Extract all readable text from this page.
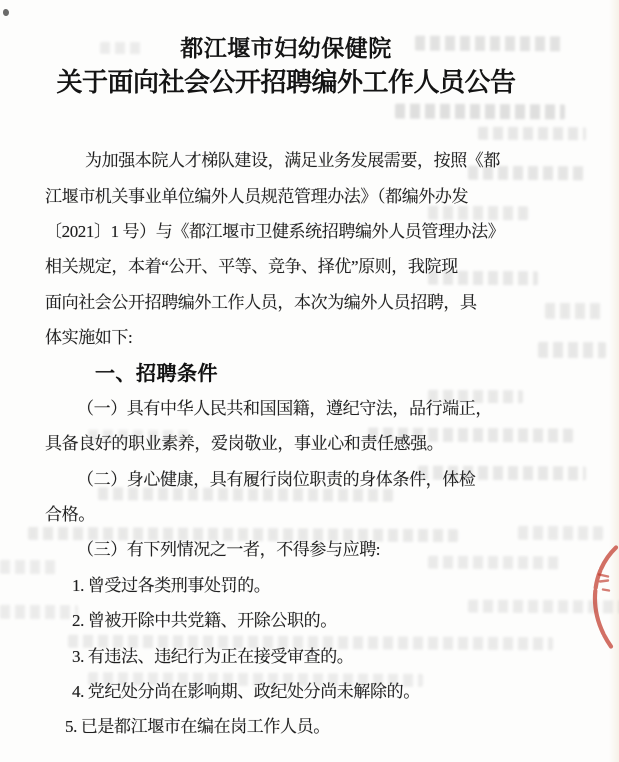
都江堰市妇幼保健院
关于面向社会公开招聘编外工作人员公告
为加强本院人才梯队建设，满足业务发展需要，按照《都
江堰市机关事业单位编外人员规范管理办法》（都编外办发
〔2021〕1 号）与《都江堰市卫健系统招聘编外人员管理办法》
相关规定，本着“公开、平等、竞争、择优”原则，我院现
面向社会公开招聘编外工作人员，本次为编外人员招聘，具
体实施如下:
一、招聘条件
（一）具有中华人民共和国国籍，遵纪守法，品行端正，
具备良好的职业素养，爱岗敬业，事业心和责任感强。
（二）身心健康，具有履行岗位职责的身体条件，体检
合格。
（三）有下列情况之一者，不得参与应聘:
1. 曾受过各类刑事处罚的。
2. 曾被开除中共党籍、开除公职的。
3. 有违法、违纪行为正在接受审查的。
4. 党纪处分尚在影响期、政纪处分尚未解除的。
5. 已是都江堰市在编在岗工作人员。
